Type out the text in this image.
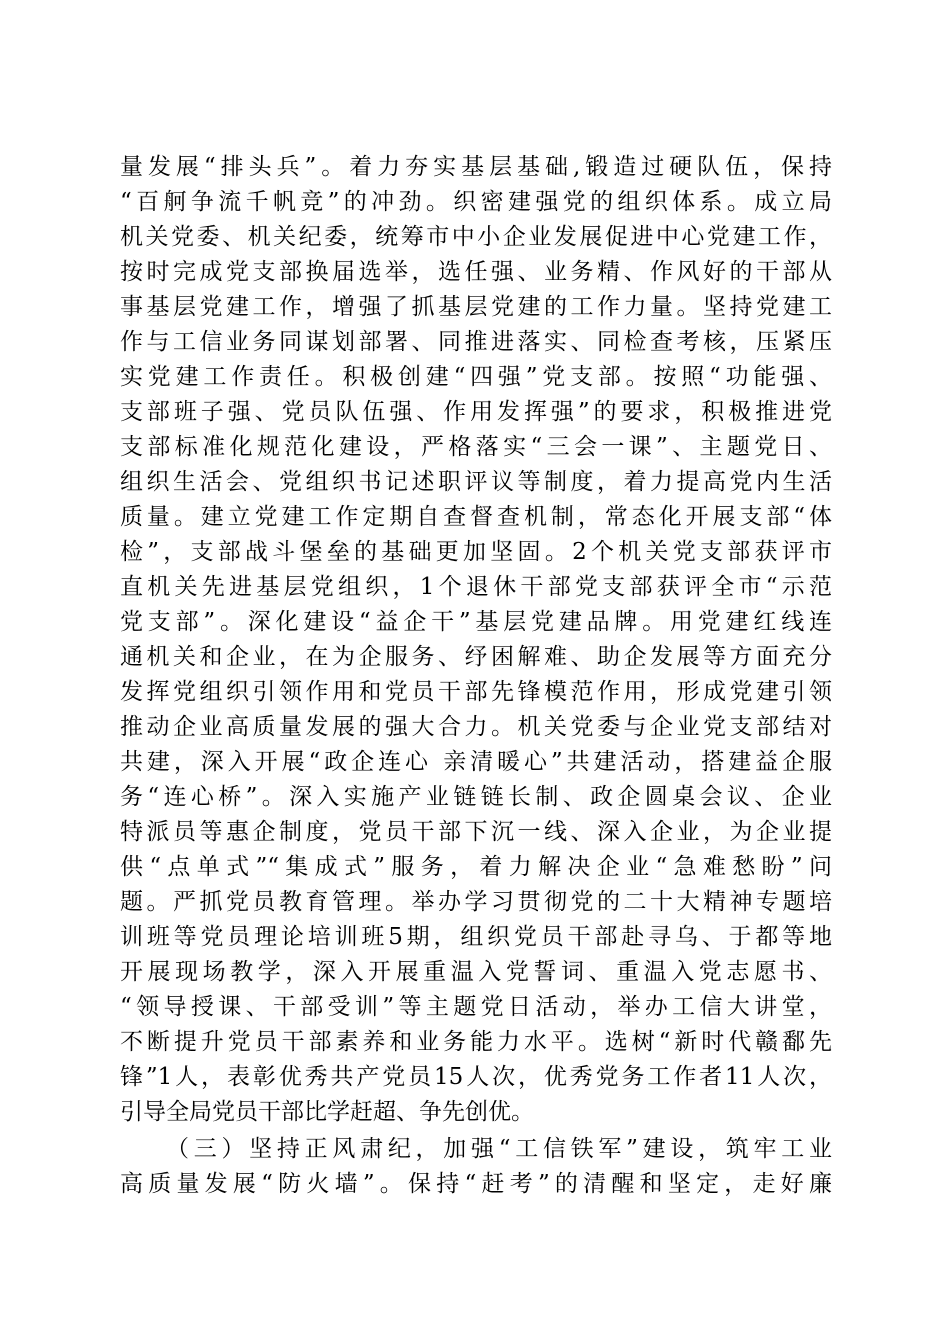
量发展“排头兵”。着力夯实基层基础,锻造过硬队伍，保持
“百舸争流千帆竞”的冲劲。织密建强党的组织体系。成立局
机关党委、机关纪委，统筹市中小企业发展促进中心党建工作，
按时完成党支部换届选举，选任强、业务精、作风好的干部从
事基层党建工作，增强了抓基层党建的工作力量。坚持党建工
作与工信业务同谋划部署、同推进落实、同检查考核，压紧压
实党建工作责任。积极创建“四强”党支部。按照“功能强、
支部班子强、党员队伍强、作用发挥强”的要求，积极推进党
支部标准化规范化建设，严格落实“三会一课”、主题党日、
组织生活会、党组织书记述职评议等制度，着力提高党内生活
质量。建立党建工作定期自查督查机制，常态化开展支部“体
检”，支部战斗堡垒的基础更加坚固。2个机关党支部获评市
直机关先进基层党组织，1个退休干部党支部获评全市“示范
党支部”。深化建设“益企干”基层党建品牌。用党建红线连
通机关和企业，在为企服务、纾困解难、助企发展等方面充分
发挥党组织引领作用和党员干部先锋模范作用，形成党建引领
推动企业高质量发展的强大合力。机关党委与企业党支部结对
共建，深入开展“政企连心 亲清暖心”共建活动，搭建益企服
务“连心桥”。深入实施产业链链长制、政企圆桌会议、企业
特派员等惠企制度，党员干部下沉一线、深入企业，为企业提
供“点单式”“集成式”服务，着力解决企业“急难愁盼”问
题。严抓党员教育管理。举办学习贯彻党的二十大精神专题培
训班等党员理论培训班5期，组织党员干部赴寻乌、于都等地
开展现场教学，深入开展重温入党誓词、重温入党志愿书、
“领导授课、干部受训”等主题党日活动，举办工信大讲堂，
不断提升党员干部素养和业务能力水平。选树“新时代赣鄱先
锋”1人，表彰优秀共产党员15人次，优秀党务工作者11人次，
引导全局党员干部比学赶超、争先创优。
（三）坚持正风肃纪，加强“工信铁军”建设，筑牢工业
高质量发展“防火墙”。保持“赶考”的清醒和坚定，走好廉
